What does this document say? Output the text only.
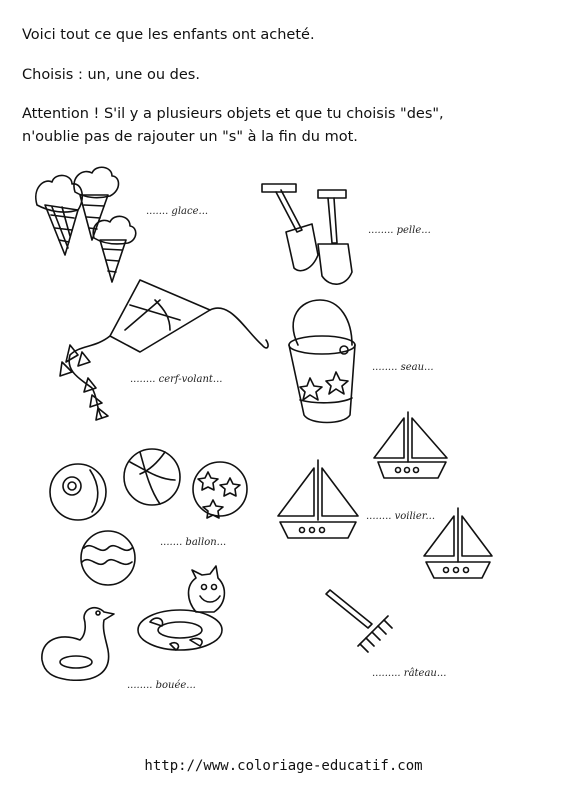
Voici tout ce que les enfants ont acheté.
Choisis : un, une ou des.
Attention ! S'il y a plusieurs objets et que tu choisis "des",
n'oublie pas de rajouter un "s" à la fin du mot.
....... glace...
........ pelle...
........ cerf-volant...
........ seau...
........ voilier...
....... ballon...
........ bouée...
......... râteau...
http://www.coloriage-educatif.com
